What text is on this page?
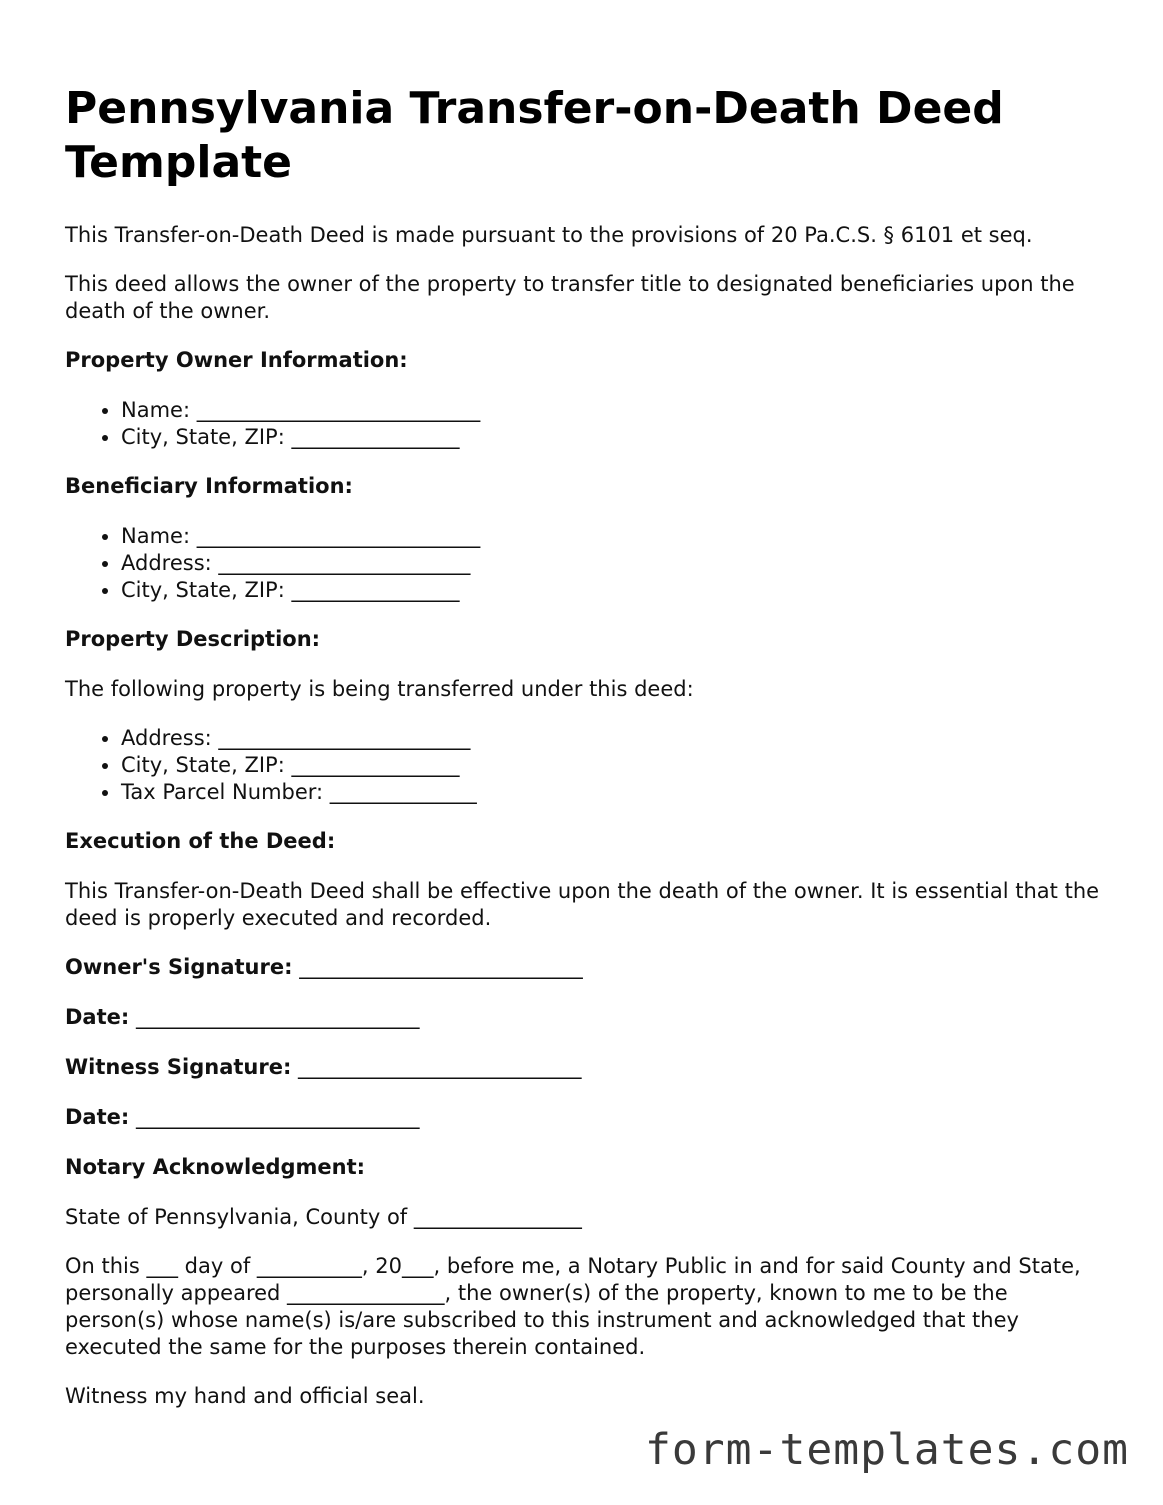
Pennsylvania Transfer-on-Death Deed Template

This Transfer-on-Death Deed is made pursuant to the provisions of 20 Pa.C.S. § 6101 et seq.

This deed allows the owner of the property to transfer title to designated beneficiaries upon the death of the owner.

Property Owner Information:
• Name: ___________________________
• City, State, ZIP: ________________
Beneficiary Information:
• Name: ___________________________
• Address: ________________________
• City, State, ZIP: ________________
Property Description:

The following property is being transferred under this deed:

• Address: ________________________
• City, State, ZIP: ________________
• Tax Parcel Number: ______________
Execution of the Deed:

This Transfer-on-Death Deed shall be effective upon the death of the owner. It is essential that the deed is properly executed and recorded.

Owner's Signature: ___________________________
Date: ___________________________
Witness Signature: ___________________________
Date: ___________________________
Notary Acknowledgment:

State of Pennsylvania, County of ________________

On this ___ day of __________, 20___, before me, a Notary Public in and for said County and State, personally appeared _______________, the owner(s) of the property, known to me to be the person(s) whose name(s) is/are subscribed to this instrument and acknowledged that they executed the same for the purposes therein contained.

Witness my hand and official seal.

form-templates.com
